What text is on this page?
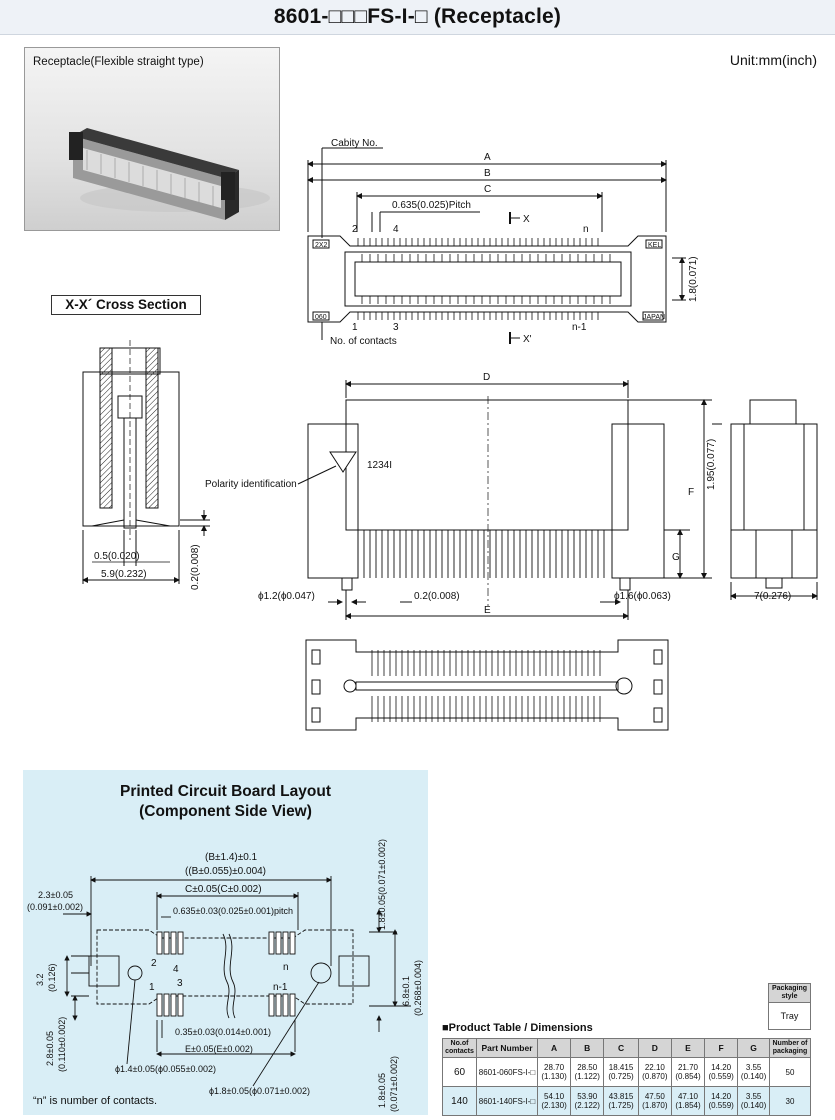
8601-□□□FS-I-□ (Receptacle)
Unit:mm(inch)
Receptacle(Flexible straight type)
X-X´ Cross Section
Cabity No.
A
B
C
0.635(0.025)Pitch
X
X'
2	4	n
1	3	n-1
No. of contacts
2X2	KEL
060	JAPAN
1.8(0.071)
0.2(0.008)
0.5(0.020)
5.9(0.232)
D
1234I
Polarity identification
G
F
1.95(0.077)
ϕ1.2(ϕ0.047)	0.2(0.008)	ϕ1.6(ϕ0.063)
E
7(0.276)
Printed Circuit Board Layout
(Component Side View)
(B±1.4)±0.1
((B±0.055)±0.004)
C±0.05(C±0.002)
0.635±0.03(0.025±0.001)pitch
2.3±0.05
(0.091±0.002)
2
4	n
1 3	n-1
1.8±0.05(0.071±0.002)
6.8±0.1 (0.268±0.004)
1.8±0.05 (0.071±0.002)
3.2 (0.126)
2.8±0.05 (0.110±0.002)	0.35±0.03(0.014±0.001)
E±0.05(E±0.002)
ϕ1.4±0.05(ϕ0.055±0.002)
ϕ1.8±0.05(ϕ0.071±0.002)
“n” is number of contacts.
Packaging style
Tray
■Product Table / Dimensions
No.of contacts	Part Number	A	B	C	D	E	F	G	Number of packaging
60	8601-060FS-I-□	28.70 (1.130)	28.50 (1.122)	18.415 (0.725)	22.10 (0.870)	21.70 (0.854)	14.20 (0.559)	3.55 (0.140)	50
140	8601-140FS-I-□	54.10 (2.130)	53.90 (2.122)	43.815 (1.725)	47.50 (1.870)	47.10 (1.854)	14.20 (0.559)	3.55 (0.140)	30
